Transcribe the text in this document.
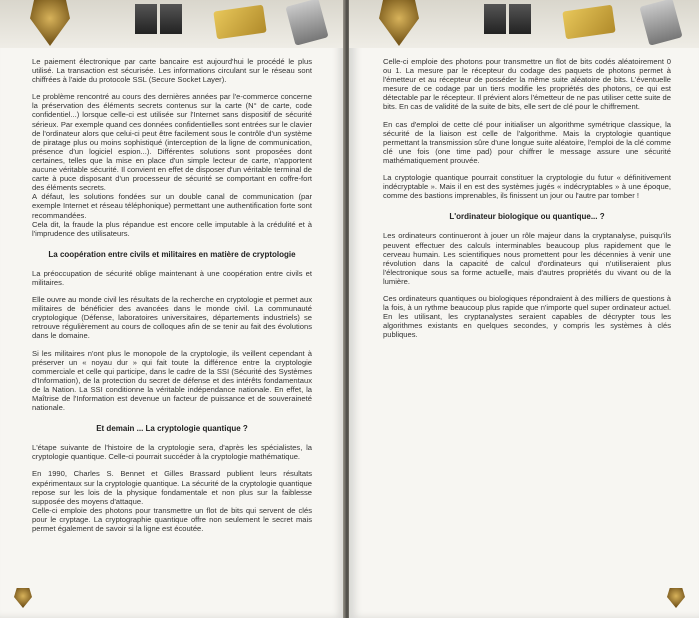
Le paiement électronique par carte bancaire est aujourd'hui le procédé le plus utilisé. La transaction est sécurisée. Les informations circulant sur le réseau sont chiffrées à l'aide du protocole SSL (Secure Socket Layer).

Le problème rencontré au cours des dernières années par l'e-commerce concerne la préservation des éléments secrets contenus sur la carte (N° de carte, code confidentiel...) lorsque celle-ci est utilisée sur l'Internet sans dispositif de sécurité sérieux. Par exemple quand ces données confidentielles sont entrées sur le clavier de l'ordinateur alors que celui-ci peut être facilement sous le contrôle d'un système de piratage plus ou moins sophistiqué (interception de la ligne de communication, présence d'un logiciel espion...). Différentes solutions sont proposées dont certaines, telles que la mise en place d'un simple lecteur de carte, n'apportent aucune véritable sécurité. Il convient en effet de disposer d'un véritable terminal de carte à puce disposant d'un processeur de sécurité se comportant en coffre-fort des éléments secrets.

A défaut, les solutions fondées sur un double canal de communication (par exemple Internet et réseau téléphonique) permettant une authentification forte sont recommandées.

Cela dit, la fraude la plus répandue est encore celle imputable à la crédulité et à l'imprudence des utilisateurs.

La coopération entre civils et militaires en matière de cryptologie

La préoccupation de sécurité oblige maintenant à une coopération entre civils et militaires.

Elle ouvre au monde civil les résultats de la recherche en cryptologie et permet aux militaires de bénéficier des avancées dans le monde civil. La communauté cryptologique (Défense, laboratoires universitaires, départements industriels) se retrouve régulièrement au cours de colloques afin de se tenir au fait des évolutions dans le domaine.

Si les militaires n'ont plus le monopole de la cryptologie, ils veillent cependant à préserver un « noyau dur » qui fait toute la différence entre la cryptologie commerciale et celle qui participe, dans le cadre de la SSI (Sécurité des Systèmes d'Information), de la protection du secret de défense et des intérêts fondamentaux de la Nation. La SSI conditionne la véritable indépendance nationale. En effet, la Maîtrise de l'Information est devenue un facteur de puissance et de souveraineté nationale.

Et demain ... La cryptologie quantique ?

L'étape suivante de l'histoire de la cryptologie sera, d'après les spécialistes, la cryptologie quantique. Celle-ci pourrait succéder à la cryptologie mathématique.

En 1990, Charles S. Bennet et Gilles Brassard publient leurs résultats expérimentaux sur la cryptologie quantique. La sécurité de la cryptologie quantique repose sur les lois de la physique fondamentale et non plus sur la faiblesse supposée des moyens d'attaque.

Celle-ci emploie des photons pour transmettre un flot de bits qui servent de clés pour le cryptage. La cryptographie quantique offre non seulement le secret mais permet également de savoir si la ligne est écoutée.

Celle-ci emploie des photons pour transmettre un flot de bits codés aléatoirement 0 ou 1. La mesure par le récepteur du codage des paquets de photons permet à l'émetteur et au récepteur de posséder la même suite aléatoire de bits. L'éventuelle mesure de ce codage par un tiers modifie les propriétés des photons, ce qui est détectable par le récepteur. Il prévient alors l'émetteur de ne pas utiliser cette suite de bits. En cas de validité de la suite de bits, elle sert de clé pour le chiffrement.

En cas d'emploi de cette clé pour initialiser un algorithme symétrique classique, la sécurité de la liaison est celle de l'algorithme. Mais la cryptologie quantique permettant la transmission sûre d'une longue suite aléatoire, l'emploi de la clé comme clé une fois (one time pad) pour chiffrer le message assure une sécurité mathématiquement prouvée.

La cryptologie quantique pourrait constituer la cryptologie du futur « définitivement indécryptable ». Mais il en est des systèmes jugés « indécryptables » à une époque, comme des bastions imprenables, ils finissent un jour ou l'autre par tomber !

L'ordinateur biologique ou quantique... ?

Les ordinateurs continueront à jouer un rôle majeur dans la cryptanalyse, puisqu'ils peuvent effectuer des calculs interminables beaucoup plus rapidement que le cerveau humain. Les scientifiques nous promettent pour les décennies à venir une révolution dans la capacité de calcul d'ordinateurs qui n'utiliseraient plus l'électronique sous sa forme actuelle, mais d'autres propriétés du vivant ou de la lumière.

Ces ordinateurs quantiques ou biologiques répondraient à des milliers de questions à la fois, à un rythme beaucoup plus rapide que n'importe quel super ordinateur actuel. En les utilisant, les cryptanalystes seraient capables de décrypter tous les algorithmes existants en quelques secondes, y compris les systèmes à clés publiques.
